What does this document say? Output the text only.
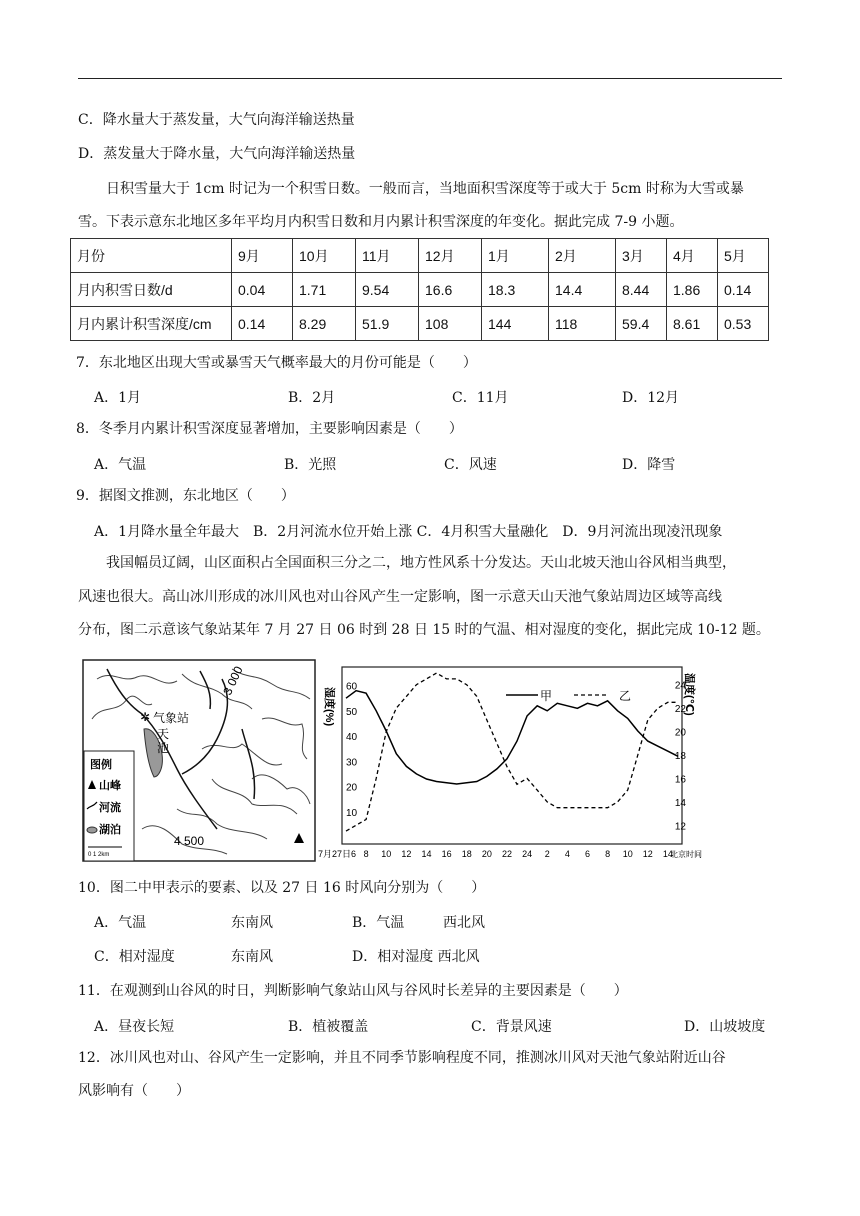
C．降水量大于蒸发量，大气向海洋输送热量
D．蒸发量大于降水量，大气向海洋输送热量
日积雪量大于 1cm 时记为一个积雪日数。一般而言，当地面积雪深度等于或大于 5cm 时称为大雪或暴
雪。下表示意东北地区多年平均月内积雪日数和月内累计积雪深度的年变化。据此完成 7-9 小题。
月份	9月	10月	11月	12月	1月	2月	3月	4月	5月
月内积雪日数/d	0.04	1.71	9.54	16.6	18.3	14.4	8.44	1.86	0.14
月内累计积雪深度/cm	0.14	8.29	51.9	108	144	118	59.4	8.61	0.53
7．东北地区出现大雪或暴雪天气概率最大的月份可能是（　　）
A．1月	B．2月	C．11月	D．12月
8．冬季月内累计积雪深度显著增加，主要影响因素是（　　）
A．气温	B．光照	C．风速	D．降雪
9．据图文推测，东北地区（　　）
A．1月降水量全年最大　B．2月河流水位开始上涨 C．4月积雪大量融化　D．9月河流出现凌汛现象
我国幅员辽阔，山区面积占全国面积三分之二，地方性风系十分发达。天山北坡天池山谷风相当典型，
风速也很大。高山冰川形成的冰川风也对山谷风产生一定影响，图一示意天山天池气象站周边区域等高线
分布，图二示意该气象站某年 7 月 27 日 06 时到 28 日 15 时的气温、相对湿度的变化，据此完成 10-12 题。
✲ 气象站
天
池
3 000
4 500
图例
山峰
河流
湖泊
0 1 2km
湿度(%)	温度(℃)
甲	乙
60
50
40
30
20
10
24
22
20
18
16
14
12
7月27日6 8 10 12 14 16 18 20 22 24 2 4 6 8 10 12 14
北京时间
10．图二中甲表示的要素、以及 27 日 16 时风向分别为（　　）
A．气温	东南风	B．气温	西北风
C．相对湿度	东南风	D．相对湿度 西北风
11．在观测到山谷风的时日，判断影响气象站山风与谷风时长差异的主要因素是（　　）
A．昼夜长短	B．植被覆盖	C．背景风速	D．山坡坡度
12．冰川风也对山、谷风产生一定影响，并且不同季节影响程度不同，推测冰川风对天池气象站附近山谷
风影响有（　　）
